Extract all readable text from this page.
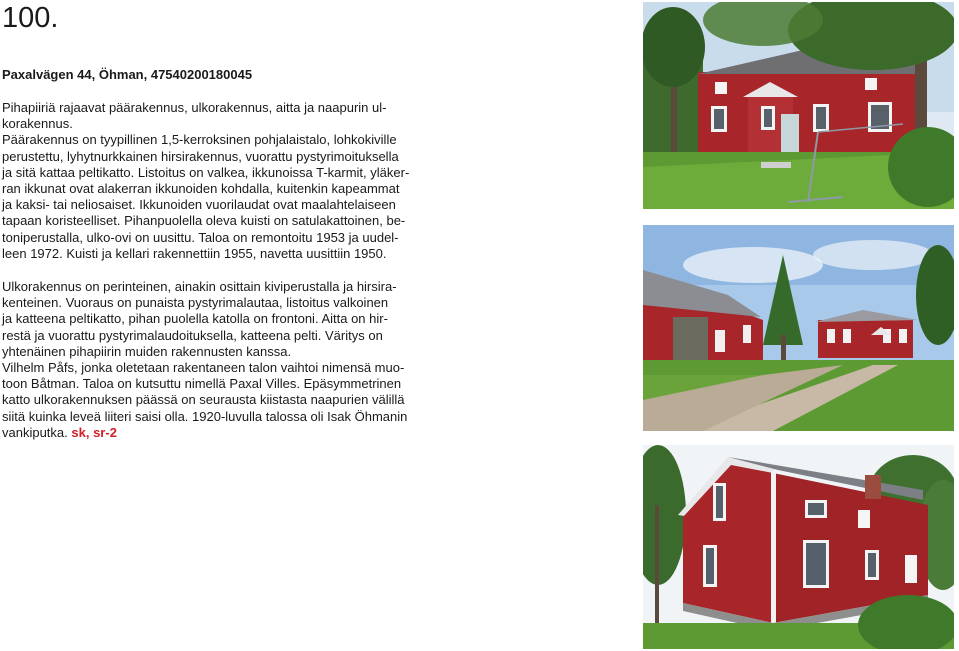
100.
Paxalvägen 44, Öhman, 47540200180045

Pihapiiriä rajaavat päärakennus, ulkorakennus, aitta ja naapurin ul-

korakennus.

Päärakennus on tyypillinen 1,5-kerroksinen pohjalaistalo, lohkokiville

perustettu, lyhytnurkkainen hirsirakennus, vuorattu pystyrimoituksella

ja sitä kattaa peltikatto. Listoitus on valkea, ikkunoissa T-karmit, yläker-

ran ikkunat ovat alakerran ikkunoiden kohdalla, kuitenkin kapeammat

ja kaksi- tai neliosaiset. Ikkunoiden vuorilaudat ovat maalahtelaiseen

tapaan koristeelliset. Pihanpuolella oleva kuisti on satulakattoinen, be-

toniperustalla, ulko-ovi on uusittu. Taloa on remontoitu 1953 ja uudel-

leen 1972. Kuisti ja kellari rakennettiin 1955, navetta uusittiin 1950.

Ulkorakennus on perinteinen, ainakin osittain kiviperustalla ja hirsira-

kenteinen. Vuoraus on punaista pystyrimalautaa, listoitus valkoinen

ja katteena peltikatto, pihan puolella katolla on frontoni. Aitta on hir-

restä ja vuorattu pystyrimalaudoituksella, katteena pelti. Väritys on

yhtenäinen pihapiirin muiden rakennusten kanssa.

Vilhelm Påfs, jonka oletetaan rakentaneen talon vaihtoi nimensä muo-

toon Båtman. Taloa on kutsuttu nimellä Paxal Villes. Epäsymmetrinen

katto ulkorakennuksen päässä on seurausta kiistasta naapurien välillä

siitä kuinka leveä liiteri saisi olla. 1920-luvulla talossa oli Isak Öhmanin

vankiputka. sk, sr-2
